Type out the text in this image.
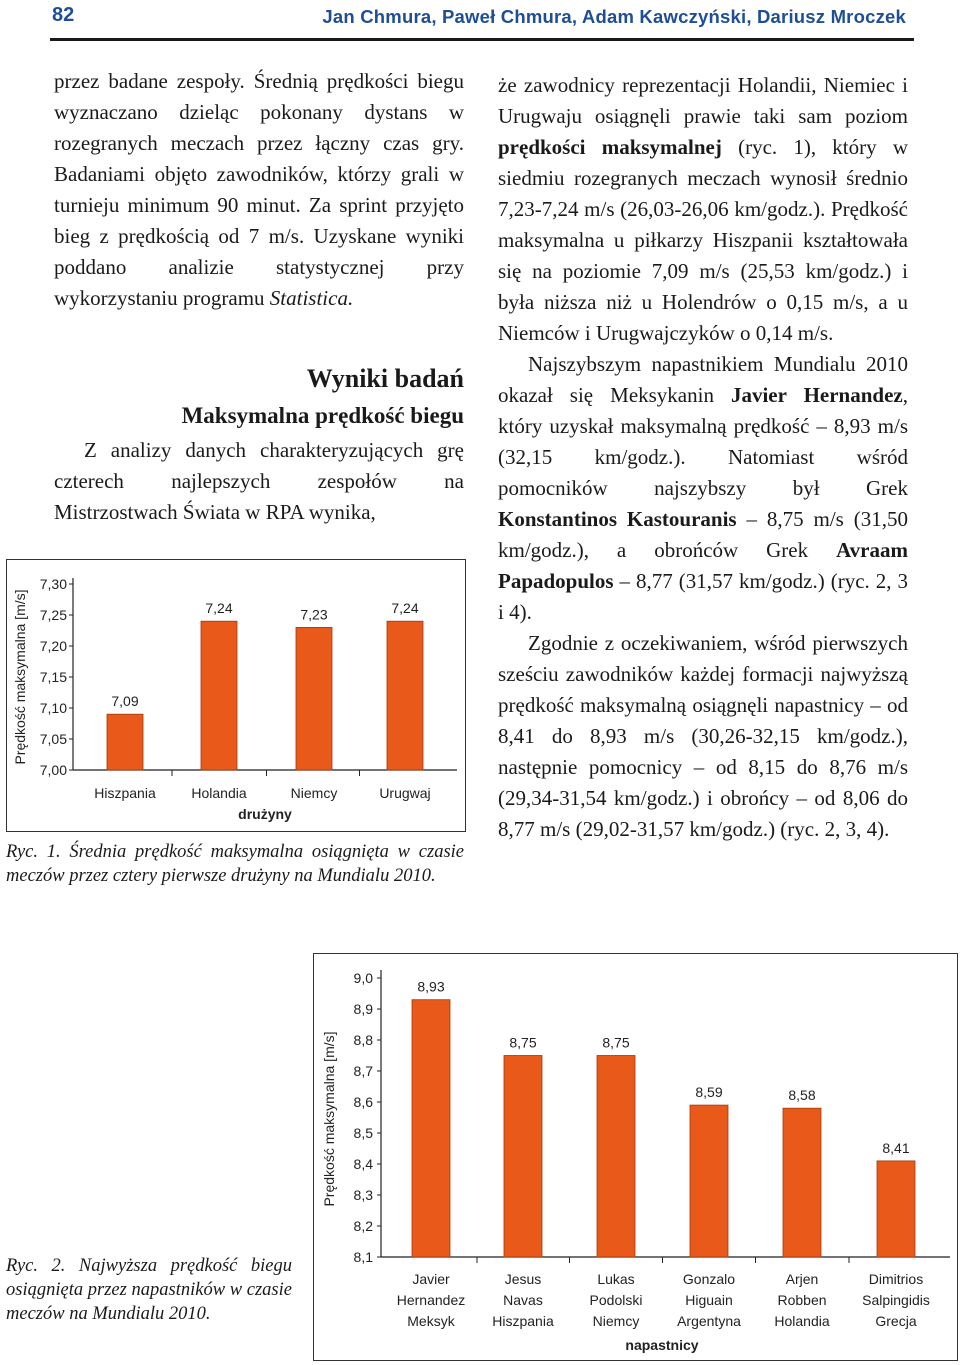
82	Jan Chmura, Paweł Chmura, Adam Kawczyński, Dariusz Mroczek

przez badane zespoły. Średnią prędkości biegu wyznaczano dzieląc pokonany dystans w rozegranych meczach przez łączny czas gry. Badaniami objęto zawodników, którzy grali w turnieju minimum 90 minut. Za sprint przyjęto bieg z prędkością od 7 m/s. Uzyskane wyniki poddano analizie statystycznej przy wykorzystaniu programu Statistica.

Wyniki badań
Maksymalna prędkość biegu

Z analizy danych charakteryzujących grę czterech najlepszych zespołów na Mistrzostwach Świata w RPA wynika,

Prędkość maksymalna [m/s]
7,30
7,25
7,20
7,15
7,10
7,05
7,00
7,09
Hiszpania
7,24
Holandia
7,23
Niemcy
7,24
Urugwaj
drużyny
Ryc. 1. Średnia prędkość maksymalna osiągnięta w czasie meczów przez cztery pierwsze drużyny na Mundialu 2010.

że zawodnicy reprezentacji Holandii, Niemiec i Urugwaju osiągnęli prawie taki sam poziom prędkości maksymalnej (ryc. 1), który w siedmiu rozegranych meczach wynosił średnio 7,23-7,24 m/s (26,03-26,06 km/godz.). Prędkość maksymalna u piłkarzy Hiszpanii kształtowała się na poziomie 7,09 m/s (25,53 km/godz.) i była niższa niż u Holendrów o 0,15 m/s, a u Niemców i Urugwajczyków o 0,14 m/s.

Najszybszym napastnikiem Mundialu 2010 okazał się Meksykanin Javier Hernandez, który uzyskał maksymalną prędkość – 8,93 m/s (32,15 km/godz.). Natomiast wśród pomocników najszybszy był Grek Konstantinos Kastouranis – 8,75 m/s (31,50 km/godz.), a obrońców Grek Avraam Papadopulos – 8,77 (31,57 km/godz.) (ryc. 2, 3 i 4).

Zgodnie z oczekiwaniem, wśród pierwszych sześciu zawodników każdej formacji najwyższą prędkość maksymalną osiągnęli napastnicy – od 8,41 do 8,93 m/s (30,26-32,15 km/godz.), następnie pomocnicy – od 8,15 do 8,76 m/s (29,34-31,54 km/godz.) i obrońcy – od 8,06 do 8,77 m/s (29,02-31,57 km/godz.) (ryc. 2, 3, 4).

Ryc. 2. Najwyższa prędkość biegu osiągnięta przez napastników w czasie meczów na Mundialu 2010.
Prędkość maksymalna [m/s]
9,0
8,9
8,8
8,7
8,6
8,5
8,4
8,3
8,2
8,1
8,93
Javier
Hernandez
Meksyk
8,75
Jesus
Navas
Hiszpania
8,75
Lukas
Podolski
Niemcy
8,59
Gonzalo
Higuain
Argentyna
8,58
Arjen
Robben
Holandia
8,41
Dimitrios
Salpingidis
Grecja
napastnicy
